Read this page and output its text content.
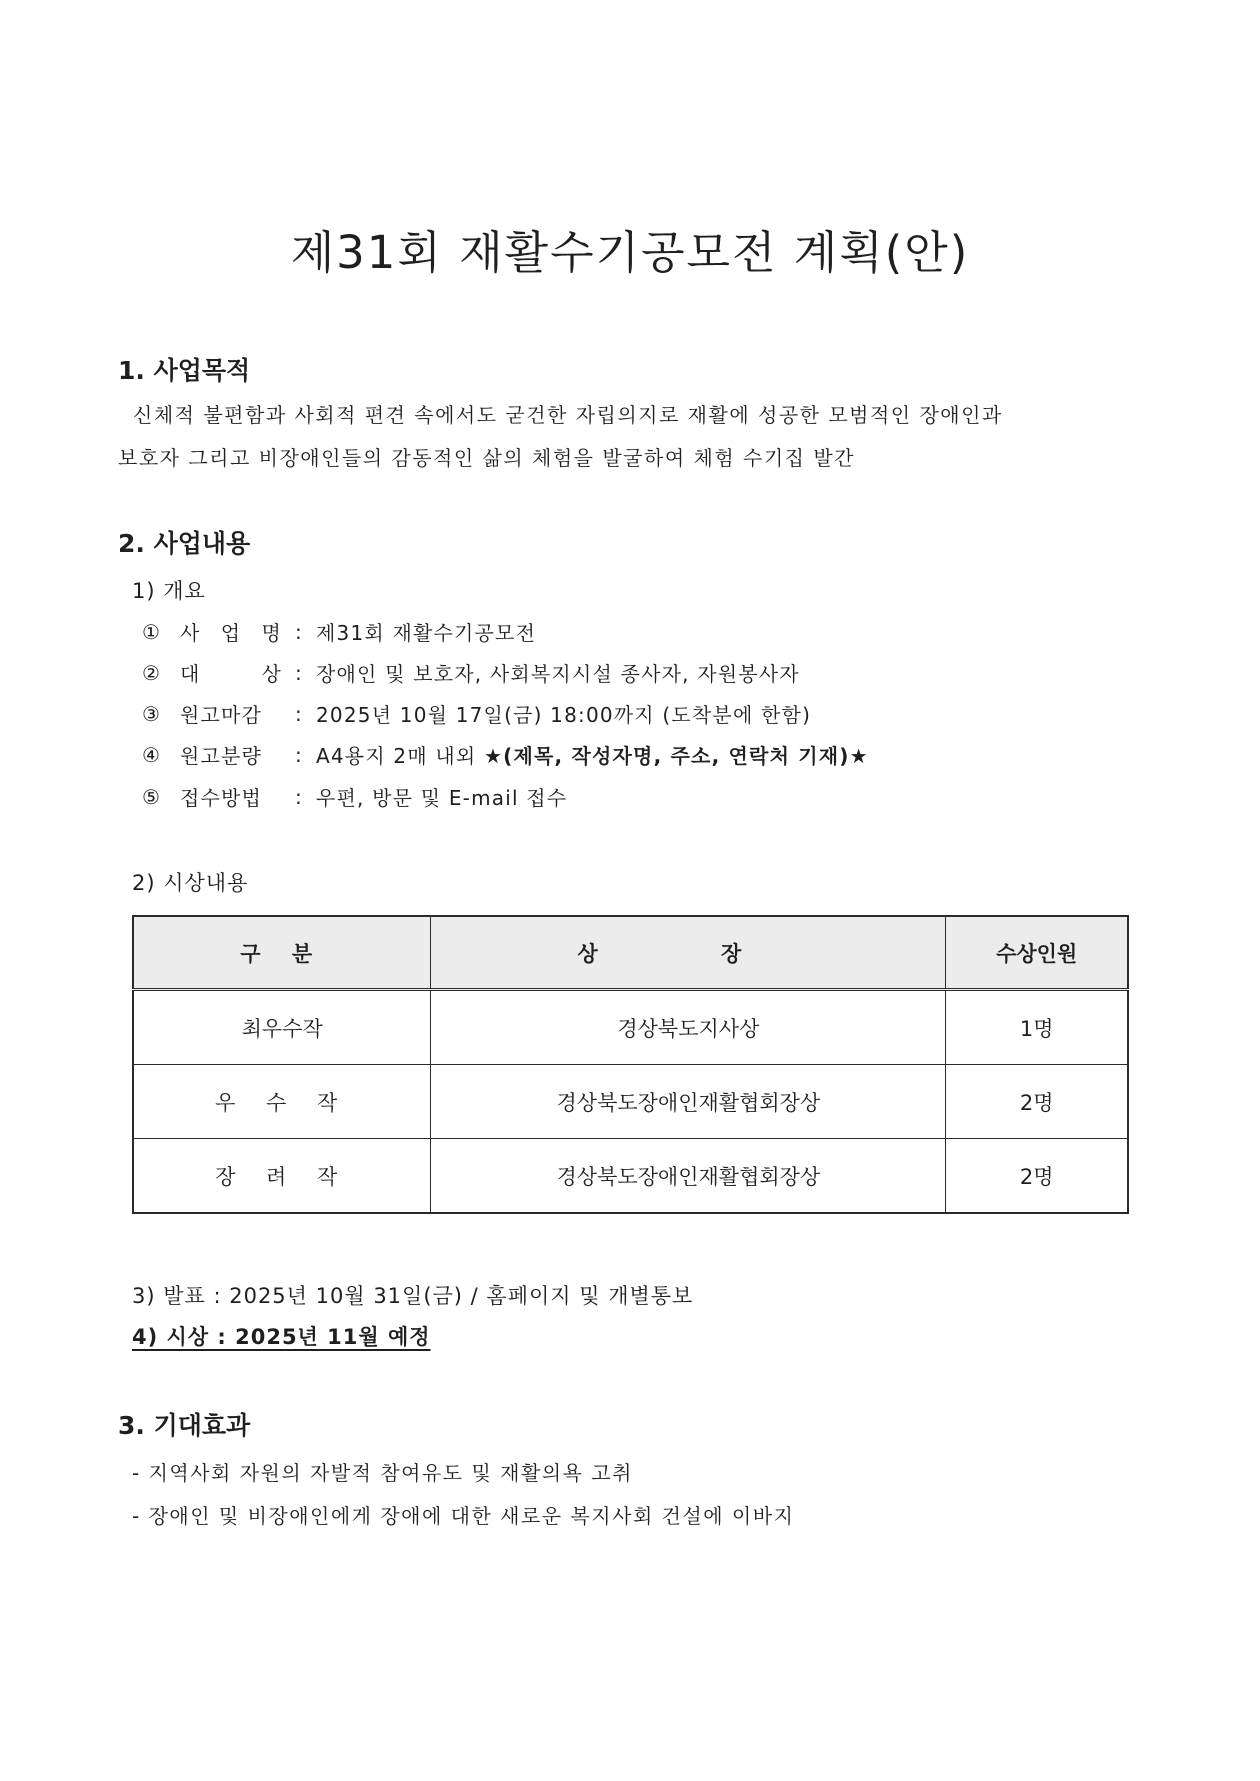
제31회 재활수기공모전 계획(안)

1. 사업목적

신체적 불편함과 사회적 편견 속에서도 굳건한 자립의지로 재활에 성공한 모범적인 장애인과

보호자 그리고 비장애인들의 감동적인 삶의 체험을 발굴하여 체험 수기집 발간

2. 사업내용

1) 개요

① 사 업 명 : 제31회 재활수기공모전
② 대	상 : 장애인 및 보호자, 사회복지시설 종사자, 자원봉사자
③ 원고마감	: 2025년 10월 17일(금) 18:00까지 (도착분에 한함)
④ 원고분량	: A4용지 2매 내외 ★(제목, 작성자명, 주소, 연락처 기재)★
⑤ 접수방법	: 우편, 방문 및 E-mail 접수

2) 시상내용

구 분	상 장	수상인원
최우수작	경상북도지사상	1명
우 수 작	경상북도장애인재활협회장상	2명
장 려 작	경상북도장애인재활협회장상	2명

3) 발표 : 2025년 10월 31일(금) / 홈페이지 및 개별통보

4) 시상 : 2025년 11월 예정

3. 기대효과

- 지역사회 자원의 자발적 참여유도 및 재활의욕 고취

- 장애인 및 비장애인에게 장애에 대한 새로운 복지사회 건설에 이바지
